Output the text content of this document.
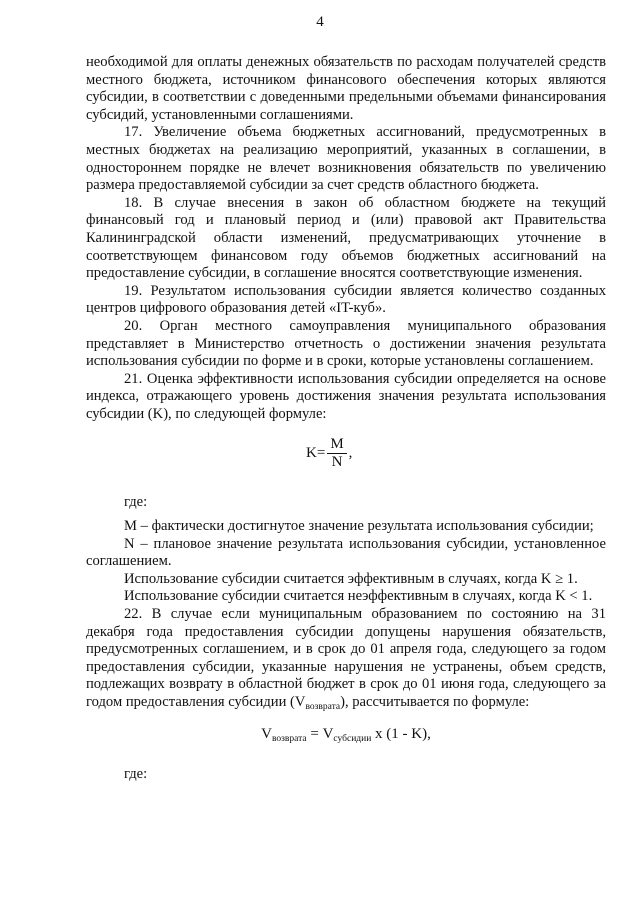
4

необходимой для оплаты денежных обязательств по расходам получателей средств местного бюджета, источником финансового обеспечения которых являются субсидии, в соответствии с доведенными предельными объемами финансирования субсидий, установленными соглашениями.

17. Увеличение объема бюджетных ассигнований, предусмотренных в местных бюджетах на реализацию мероприятий, указанных в соглашении, в одностороннем порядке не влечет возникновения обязательств по увеличению размера предоставляемой субсидии за счет средств областного бюджета.

18. В случае внесения в закон об областном бюджете на текущий финансовый год и плановый период и (или) правовой акт Правительства Калининградской области изменений, предусматривающих уточнение в соответствующем финансовом году объемов бюджетных ассигнований на предоставление субсидии, в соглашение вносятся соответствующие изменения.

19. Результатом использования субсидии является количество созданных центров цифрового образования детей «IT-куб».

20. Орган местного самоуправления муниципального образования представляет в Министерство отчетность о достижении значения результата использования субсидии по форме и в сроки, которые установлены соглашением.

21. Оценка эффективности использования субсидии определяется на основе индекса, отражающего уровень достижения значения результата использования субсидии (K), по следующей формуле:

$K = \frac{M}{N}$ ,

где:

M – фактически достигнутое значение результата использования субсидии;

N – плановое значение результата использования субсидии, установленное соглашением.

Использование субсидии считается эффективным в случаях, когда K ≥ 1.

Использование субсидии считается неэффективным в случаях, когда K < 1.

22. В случае если муниципальным образованием по состоянию на 31 декабря года предоставления субсидии допущены нарушения обязательств, предусмотренных соглашением, и в срок до 01 апреля года, следующего за годом предоставления субсидии, указанные нарушения не устранены, объем средств, подлежащих возврату в областной бюджет в срок до 01 июня года, следующего за годом предоставления субсидии $(V_{возврата})$, рассчитывается по формуле:

$V_{возврата} = V_{субсидии}$ x (1 - K),

где:
